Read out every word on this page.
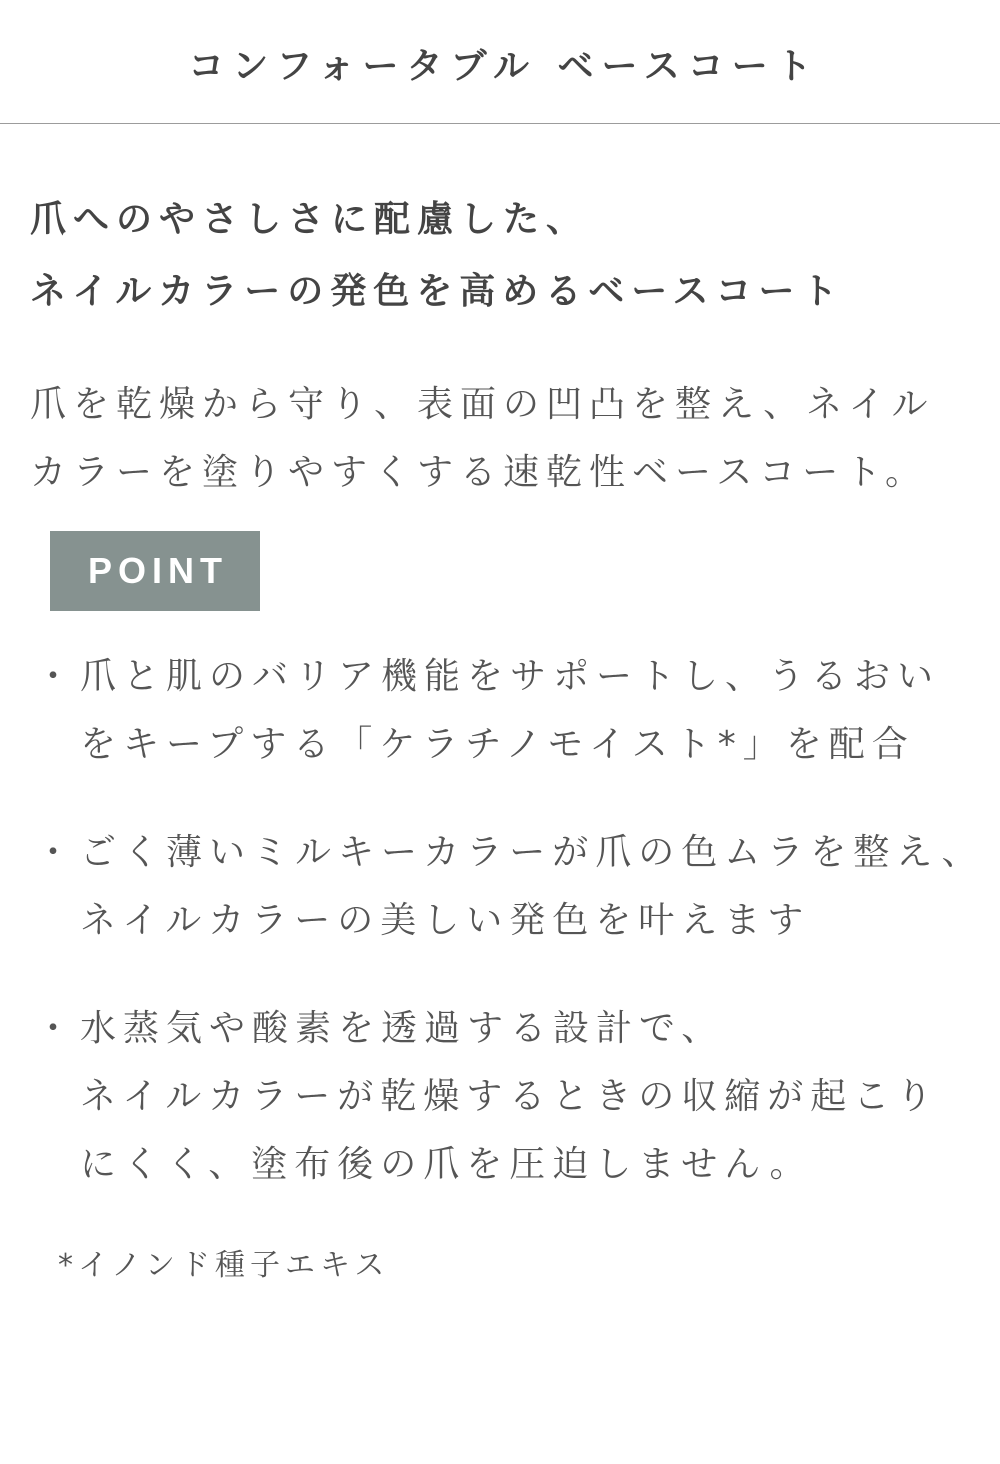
コンフォータブル ベースコート
爪へのやさしさに配慮した、
ネイルカラーの発色を高めるベースコート
爪を乾燥から守り、表面の凹凸を整え、ネイル
カラーを塗りやすくする速乾性ベースコート。
POINT
・ 爪と肌のバリア機能をサポートし、うるおい
をキープする「ケラチノモイスト*」を配合
・ ごく薄いミルキーカラーが爪の色ムラを整え、
ネイルカラーの美しい発色を叶えます
・ 水蒸気や酸素を透過する設計で、
ネイルカラーが乾燥するときの収縮が起こり
にくく、塗布後の爪を圧迫しません。

*イノンド種子エキス
